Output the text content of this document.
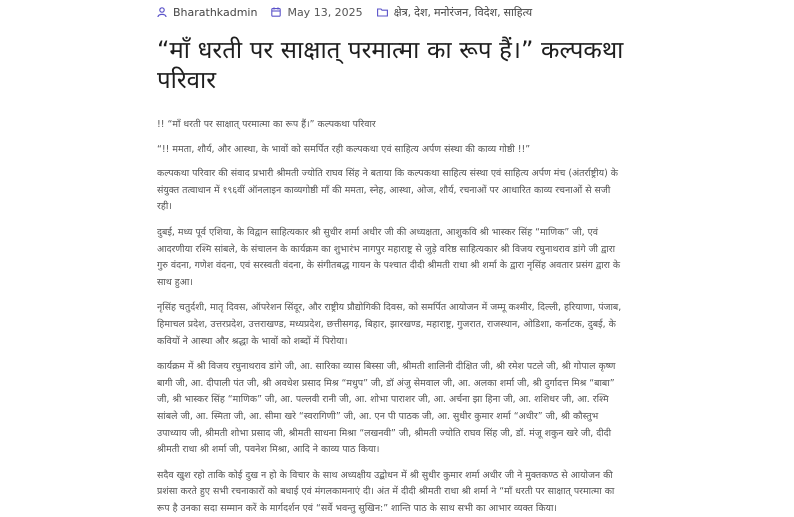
Bharathkadmin	May 13, 2025	क्षेत्र , देश , मनोरंजन , विदेश , साहित्य
“माँ धरती पर साक्षात् परमात्मा का रूप हैं।” कल्पकथा परिवार

!! “माँ धरती पर साक्षात् परमात्मा का रूप हैं।” कल्पकथा परिवार

“!! ममता, शौर्य, और आस्था, के भावों को समर्पित रही कल्पकथा एवं साहित्य अर्पण संस्था की काव्य गोष्ठी !!”

कल्पकथा परिवार की संवाद प्रभारी श्रीमती ज्योति राघव सिंह ने बताया कि कल्पकथा साहित्य संस्था एवं साहित्य अर्पण मंच (अंतर्राष्ट्रीय) के संयुक्त तत्वाधान में १९६वीं ऑनलाइन काव्यगोष्ठी माँ की ममता, स्नेह, आस्था, ओज, शौर्य, रचनाओं पर आधारित काव्य रचनाओं से सजी रही।

दुबई, मध्य पूर्व एशिया, के विद्वान साहित्यकार श्री सुधीर शर्मा अधीर जी की अध्यक्षता, आशुकवि श्री भास्कर सिंह “माणिक” जी, एवं आदरणीया रश्मि सांबले, के संचालन के कार्यक्रम का शुभारंभ नागपुर महाराष्ट्र से जुड़े वरिष्ठ साहित्यकार श्री विजय रघुनाथराव डांगे जी द्वारा गुरु वंदना, गणेश वंदना, एवं सरस्वती वंदना, के संगीतबद्ध गायन के पश्चात दीदी श्रीमती राधा श्री शर्मा के द्वारा नृसिंह अवतार प्रसंग द्वारा के साथ हुआ।

नृसिंह चतुर्दशी, मातृ दिवस, ऑपरेशन सिंदूर, और राष्ट्रीय प्रौद्योगिकी दिवस, को समर्पित आयोजन में जम्मू कश्मीर, दिल्ली, हरियाणा, पंजाब, हिमाचल प्रदेश, उत्तरप्रदेश, उत्तराखण्ड, मध्यप्रदेश, छत्तीसगढ़, बिहार, झारखण्ड, महाराष्ट्र, गुजरात, राजस्थान, ओडिशा, कर्नाटक, दुबई, के कवियों ने आस्था और श्रद्धा के भावों को शब्दों में पिरोया।

कार्यक्रम में श्री विजय रघुनाथराव डांगे जी, आ. सारिका व्यास बिस्सा जी, श्रीमती शालिनी दीक्षित जी, श्री रमेश पटले जी, श्री गोपाल कृष्ण बागी जी, आ. दीपाली पंत जी, श्री अवधेश प्रसाद मिश्र “मधुप” जी, डॉ अंजु सेमवाल जी, आ. अलका शर्मा जी, श्री दुर्गादत्त मिश्र “बाबा” जी, श्री भास्कर सिंह “माणिक” जी, आ. पल्लवी रानी जी, आ. शोभा पाराशर जी, आ. अर्चना झा हिना जी, आ. शशिधर जी, आ. रश्मि सांबले जी, आ. स्मिता जी, आ. सीमा खरे “स्वरागिणी” जी, आ. एन पी पाठक जी, आ. सुधीर कुमार शर्मा “अधीर” जी, श्री कौस्तुभ उपाध्याय जी, श्रीमती शोभा प्रसाद जी, श्रीमती साधना मिश्रा “लखनवी” जी, श्रीमती ज्योति राघव सिंह जी, डॉ. मंजू शकुन खरे जी, दीदी श्रीमती राधा श्री शर्मा जी, पवनेश मिश्रा, आदि ने काव्य पाठ किया।

सदैव खुश रहो ताकि कोई दुख न हो के विचार के साथ अध्यक्षीय उद्बोधन में श्री सुधीर कुमार शर्मा अधीर जी ने मुक्तकण्ठ से आयोजन की प्रशंसा करते हुए सभी रचनाकारों को बधाई एवं मंगलकामनाएं दी। अंत में दीदी श्रीमती राधा श्री शर्मा ने “माँ धरती पर साक्षात् परमात्मा का रूप है उनका सदा सम्मान करें के मार्गदर्शन एवं “सर्वे भवन्तु सुखिन:” शान्ति पाठ के साथ सभी का आभार व्यक्त किया।
